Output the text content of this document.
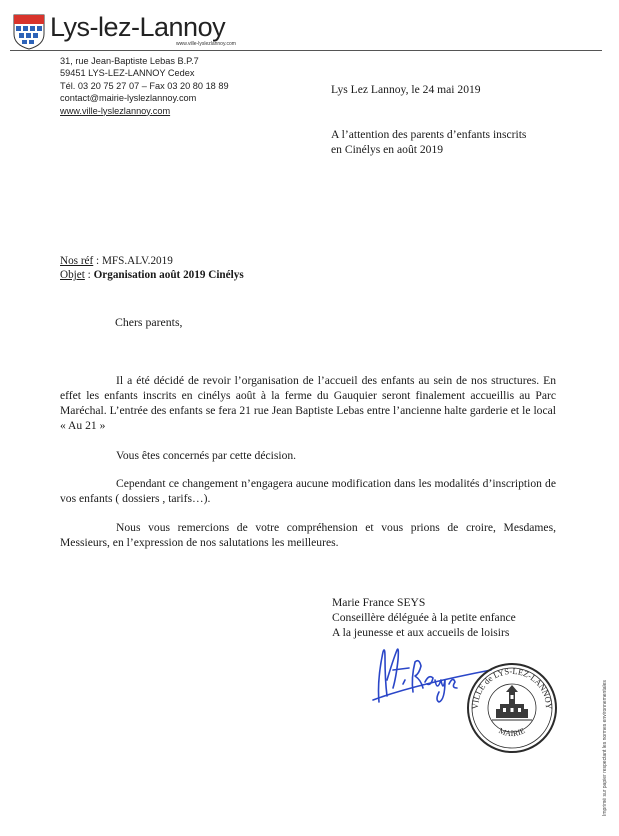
Lys-lez-Lannoy
www.ville-lyslezlannoy.com
31, rue Jean-Baptiste Lebas B.P.7
59451 LYS-LEZ-LANNOY Cedex
Tél. 03 20 75 27 07 – Fax 03 20 80 18 89
contact@mairie-lyslezlannoy.com
www.ville-lyslezlannoy.com
Lys Lez Lannoy, le 24 mai 2019
A l’attention des parents d’enfants inscrits
en Cinélys en août 2019
Nos réf : MFS.ALV.2019
Objet : Organisation août 2019 Cinélys
Chers parents,
Il a été décidé de revoir l’organisation de l’accueil des enfants au sein de nos structures. En effet les enfants inscrits en cinélys août à la ferme du Gauquier seront finalement accueillis au Parc Maréchal. L’entrée des enfants se fera 21 rue Jean Baptiste Lebas entre l’ancienne halte garderie et le local « Au 21 »
Vous êtes concernés par cette décision.
Cependant ce changement n’engagera aucune modification dans les modalités d’inscription de vos enfants ( dossiers , tarifs…).
Nous vous remercions de votre compréhension et vous prions de croire, Mesdames, Messieurs, en l’expression de nos salutations les meilleures.
Marie France SEYS
Conseillère déléguée à la petite enfance
A la jeunesse et aux accueils de loisirs
VILLE de LYS-LEZ-LANNOY
MAIRIE	Imprimé sur papier respectant les normes environnementales
